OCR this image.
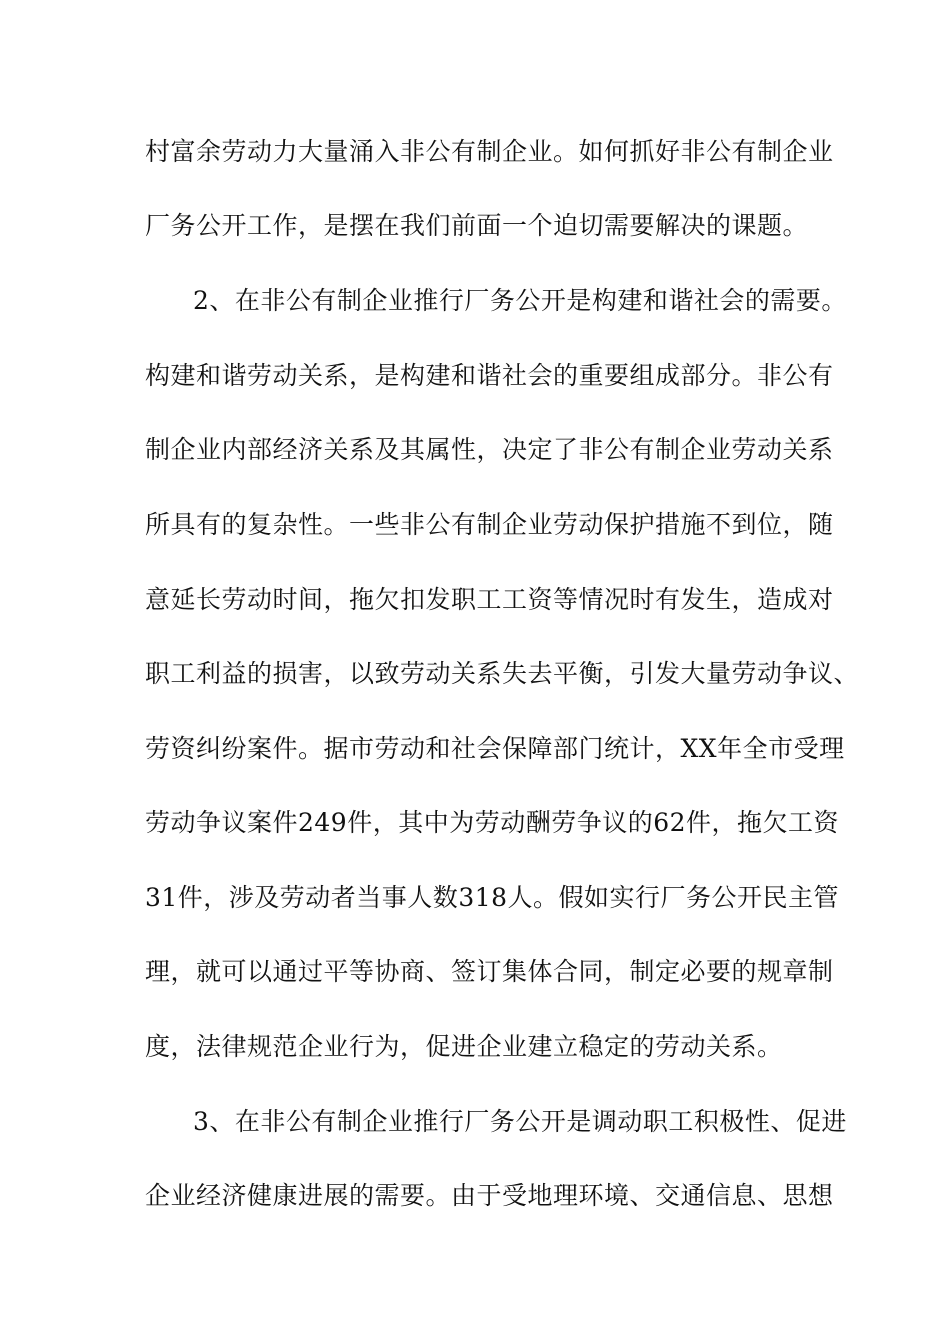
村富余劳动力大量涌入非公有制企业。如何抓好非公有制企业
厂务公开工作，是摆在我们前面一个迫切需要解决的课题。
2、在非公有制企业推行厂务公开是构建和谐社会的需要。
构建和谐劳动关系，是构建和谐社会的重要组成部分。非公有
制企业内部经济关系及其属性，决定了非公有制企业劳动关系
所具有的复杂性。一些非公有制企业劳动保护措施不到位，随
意延长劳动时间，拖欠扣发职工工资等情况时有发生，造成对
职工利益的损害，以致劳动关系失去平衡，引发大量劳动争议、
劳资纠纷案件。据市劳动和社会保障部门统计，XX年全市受理
劳动争议案件249件，其中为劳动酬劳争议的62件，拖欠工资
31件，涉及劳动者当事人数318人。假如实行厂务公开民主管
理，就可以通过平等协商、签订集体合同，制定必要的规章制
度，法律规范企业行为，促进企业建立稳定的劳动关系。
3、在非公有制企业推行厂务公开是调动职工积极性、促进
企业经济健康进展的需要。由于受地理环境、交通信息、思想
